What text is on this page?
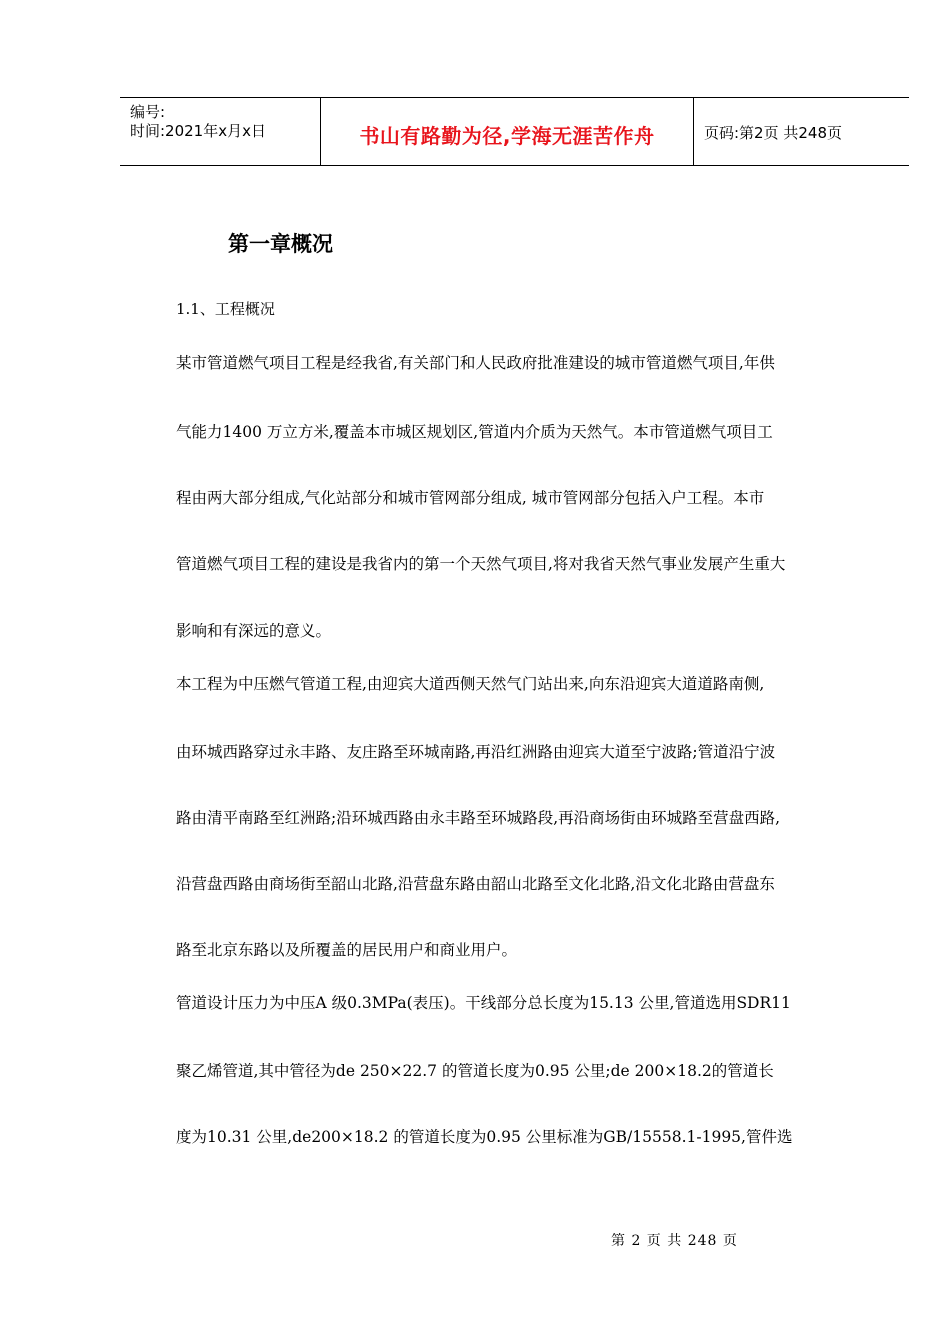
编号:
时间:2021年x月x日	书山有路勤为径,学海无涯苦作舟	页码:第2页 共248页
第一章概况
1.1、工程概况
某市管道燃气项目工程是经我省,有关部门和人民政府批准建设的城市管道燃气项目,年供
气能力1400 万立方米,覆盖本市城区规划区,管道内介质为天然气。本市管道燃气项目工
程由两大部分组成,气化站部分和城市管网部分组成, 城市管网部分包括入户工程。本市
管道燃气项目工程的建设是我省内的第一个天然气项目,将对我省天然气事业发展产生重大
影响和有深远的意义。
本工程为中压燃气管道工程,由迎宾大道西侧天然气门站出来,向东沿迎宾大道道路南侧,
由环城西路穿过永丰路、友庄路至环城南路,再沿红洲路由迎宾大道至宁波路;管道沿宁波
路由清平南路至红洲路;沿环城西路由永丰路至环城路段,再沿商场街由环城路至营盘西路,
沿营盘西路由商场街至韶山北路,沿营盘东路由韶山北路至文化北路,沿文化北路由营盘东
路至北京东路以及所覆盖的居民用户和商业用户。
管道设计压力为中压A 级0.3MPa(表压)。干线部分总长度为15.13 公里,管道选用SDR11
聚乙烯管道,其中管径为de 250×22.7 的管道长度为0.95 公里;de 200×18.2的管道长
度为10.31 公里,de200×18.2 的管道长度为0.95 公里标准为GB/15558.1-1995,管件选
第 2 页 共 248 页
